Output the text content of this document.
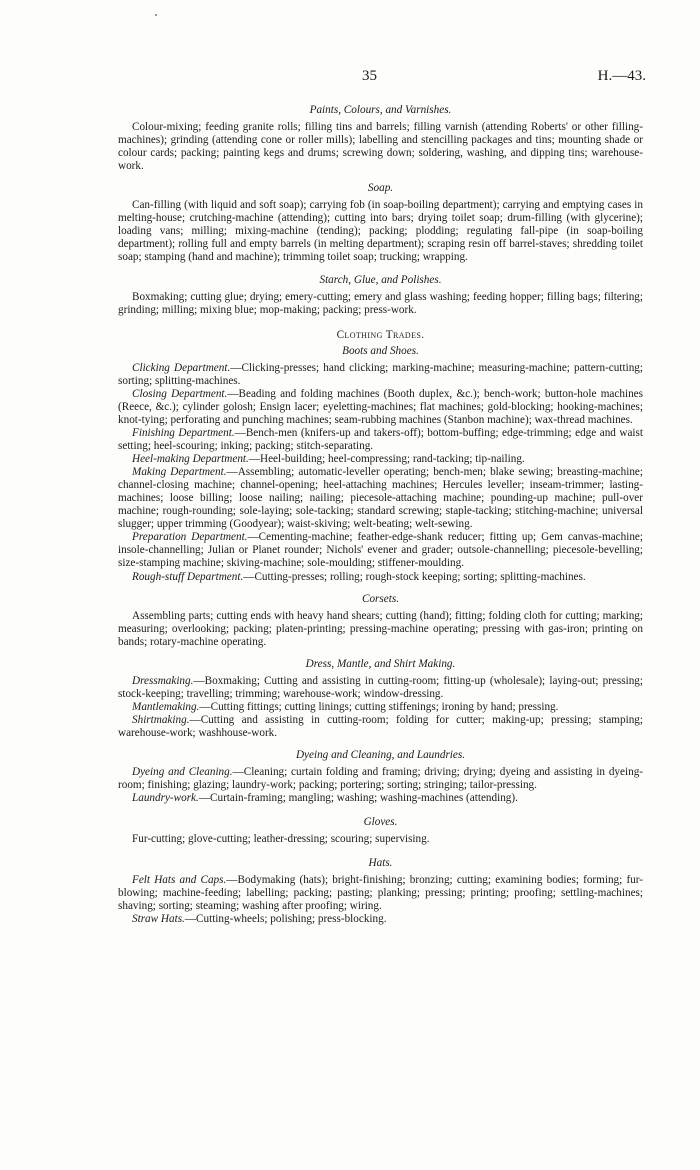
35	H.—43.
Paints, Colours, and Varnishes.

Colour-mixing; feeding granite rolls; filling tins and barrels; filling varnish (attending Roberts' or other filling-machines); grinding (attending cone or roller mills); labelling and stencilling packages and tins; mounting shade or colour cards; packing; painting kegs and drums; screwing down; soldering, washing, and dipping tins; warehouse-work.

Soap.

Can-filling (with liquid and soft soap); carrying fob (in soap-boiling department); carrying and emptying cases in melting-house; crutching-machine (attending); cutting into bars; drying toilet soap; drum-filling (with glycerine); loading vans; milling; mixing-machine (tending); packing; plodding; regulating fall-pipe (in soap-boiling department); rolling full and empty barrels (in melting department); scraping resin off barrel-staves; shredding toilet soap; stamping (hand and machine); trimming toilet soap; trucking; wrapping.

Starch, Glue, and Polishes.

Boxmaking; cutting glue; drying; emery-cutting; emery and glass washing; feeding hopper; filling bags; filtering; grinding; milling; mixing blue; mop-making; packing; press-work.

Clothing Trades.
Boots and Shoes.

Clicking Department.—Clicking-presses; hand clicking; marking-machine; measuring-machine; pattern-cutting; sorting; splitting-machines.

Closing Department.—Beading and folding machines (Booth duplex, &c.); bench-work; button-hole machines (Reece, &c.); cylinder golosh; Ensign lacer; eyeletting-machines; flat machines; gold-blocking; hooking-machines; knot-tying; perforating and punching machines; seam-rubbing machines (Stanbon machine); wax-thread machines.

Finishing Department.—Bench-men (knifers-up and takers-off); bottom-buffing; edge-trimming; edge and waist setting; heel-scouring; inking; packing; stitch-separating.

Heel-making Department.—Heel-building; heel-compressing; rand-tacking; tip-nailing.

Making Department.—Assembling; automatic-leveller operating; bench-men; blake sewing; breasting-machine; channel-closing machine; channel-opening; heel-attaching machines; Hercules leveller; inseam-trimmer; lasting-machines; loose billing; loose nailing; nailing; piecesole-attaching machine; pounding-up machine; pull-over machine; rough-rounding; sole-laying; sole-tacking; standard screwing; staple-tacking; stitching-machine; universal slugger; upper trimming (Goodyear); waist-skiving; welt-beating; welt-sewing.

Preparation Department.—Cementing-machine; feather-edge-shank reducer; fitting up; Gem canvas-machine; insole-channelling; Julian or Planet rounder; Nichols' evener and grader; outsole-channelling; piecesole-bevelling; size-stamping machine; skiving-machine; sole-moulding; stiffener-moulding.

Rough-stuff Department.—Cutting-presses; rolling; rough-stock keeping; sorting; splitting-machines.

Corsets.

Assembling parts; cutting ends with heavy hand shears; cutting (hand); fitting; folding cloth for cutting; marking; measuring; overlooking; packing; platen-printing; pressing-machine operating; pressing with gas-iron; printing on bands; rotary-machine operating.

Dress, Mantle, and Shirt Making.

Dressmaking.—Boxmaking; Cutting and assisting in cutting-room; fitting-up (wholesale); laying-out; pressing; stock-keeping; travelling; trimming; warehouse-work; window-dressing.

Mantlemaking.—Cutting fittings; cutting linings; cutting stiffenings; ironing by hand; pressing.

Shirtmaking.—Cutting and assisting in cutting-room; folding for cutter; making-up; pressing; stamping; warehouse-work; washhouse-work.

Dyeing and Cleaning, and Laundries.

Dyeing and Cleaning.—Cleaning; curtain folding and framing; driving; drying; dyeing and assisting in dyeing-room; finishing; glazing; laundry-work; packing; portering; sorting; stringing; tailor-pressing.

Laundry-work.—Curtain-framing; mangling; washing; washing-machines (attending).

Gloves.

Fur-cutting; glove-cutting; leather-dressing; scouring; supervising.

Hats.

Felt Hats and Caps.—Bodymaking (hats); bright-finishing; bronzing; cutting; examining bodies; forming; fur-blowing; machine-feeding; labelling; packing; pasting; planking; pressing; printing; proofing; settling-machines; shaving; sorting; steaming; washing after proofing; wiring.

Straw Hats.—Cutting-wheels; polishing; press-blocking.
